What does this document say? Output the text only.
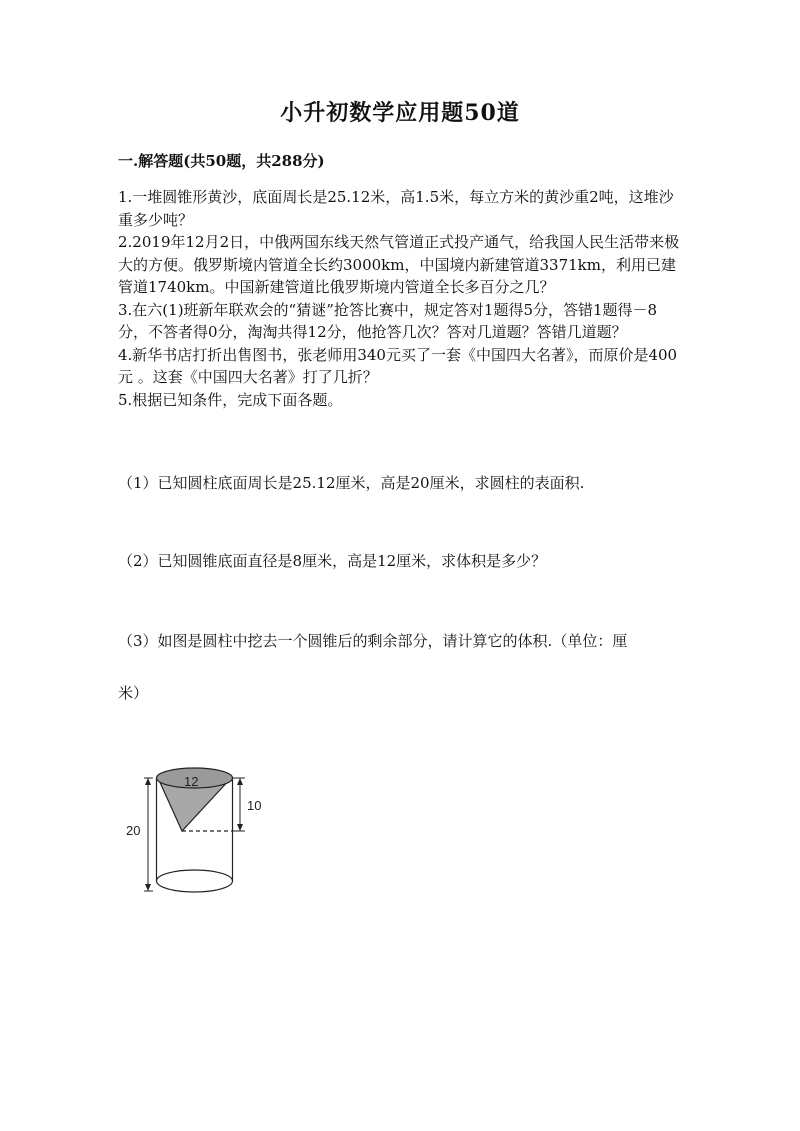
小升初数学应用题50道
一.解答题(共50题，共288分)

1.一堆圆锥形黄沙，底面周长是25.12米，高1.5米，每立方米的黄沙重2吨，这堆沙重多少吨？

2.2019年12月2日，中俄两国东线天然气管道正式投产通气，给我国人民生活带来极大的方便。俄罗斯境内管道全长约3000km，中国境内新建管道3371km，利用已建管道1740km。中国新建管道比俄罗斯境内管道全长多百分之几？

3.在六(1)班新年联欢会的“猜谜”抢答比赛中，规定答对1题得5分，答错1题得－8分，不答者得0分，淘淘共得12分，他抢答几次？答对几道题？答错几道题？

4.新华书店打折出售图书，张老师用340元买了一套《中国四大名著》，而原价是400元 。这套《中国四大名著》打了几折？

5.根据已知条件，完成下面各题。

（1）已知圆柱底面周长是25.12厘米，高是20厘米，求圆柱的表面积.
（2）已知圆锥底面直径是8厘米，高是12厘米，求体积是多少？
（3）如图是圆柱中挖去一个圆锥后的剩余部分，请计算它的体积.（单位：厘
米）
12
10
20
